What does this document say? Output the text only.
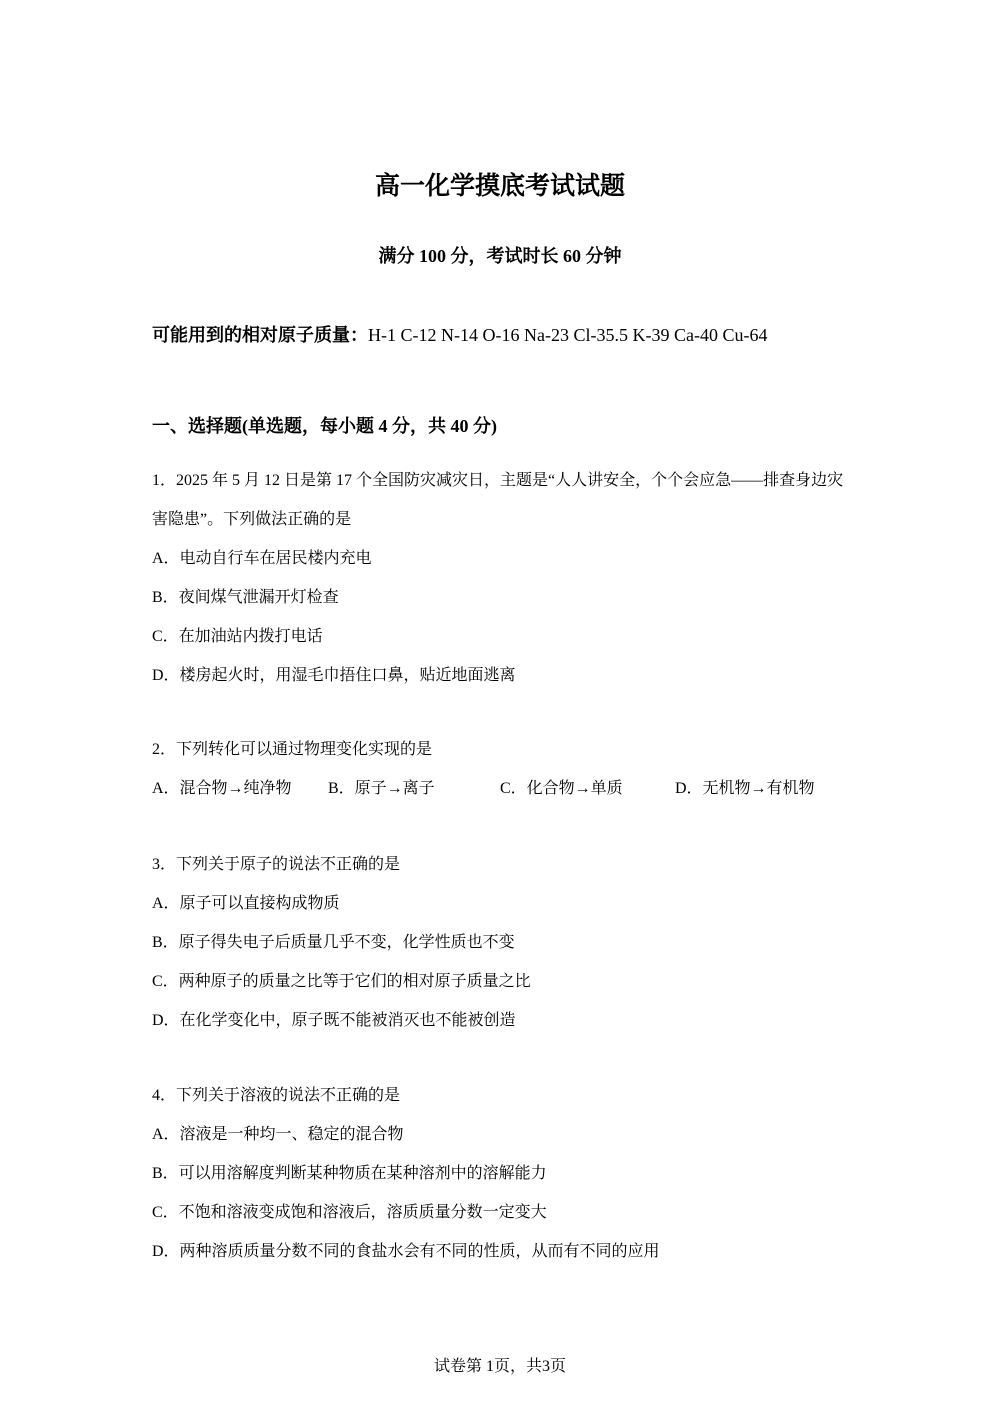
高一化学摸底考试试题
满分 100 分，考试时长 60 分钟
可能用到的相对原子质量：H-1 C-12 N-14 O-16 Na-23 Cl-35.5 K-39 Ca-40 Cu-64
一、选择题(单选题，每小题 4 分，共 40 分)
1．2025 年 5 月 12 日是第 17 个全国防灾减灾日，主题是“人人讲安全，个个会应急——排查身边灾害隐患”。下列做法正确的是
A．电动自行车在居民楼内充电
B．夜间煤气泄漏开灯检查
C．在加油站内拨打电话
D．楼房起火时，用湿毛巾捂住口鼻，贴近地面逃离
2．下列转化可以通过物理变化实现的是
A．混合物→纯净物	B．原子→离子	C．化合物→单质	D．无机物→有机物
3．下列关于原子的说法不正确的是
A．原子可以直接构成物质
B．原子得失电子后质量几乎不变，化学性质也不变
C．两种原子的质量之比等于它们的相对原子质量之比
D．在化学变化中，原子既不能被消灭也不能被创造
4．下列关于溶液的说法不正确的是
A．溶液是一种均一、稳定的混合物
B．可以用溶解度判断某种物质在某种溶剂中的溶解能力
C．不饱和溶液变成饱和溶液后，溶质质量分数一定变大
D．两种溶质质量分数不同的食盐水会有不同的性质，从而有不同的应用
试卷第 1页，共3页
